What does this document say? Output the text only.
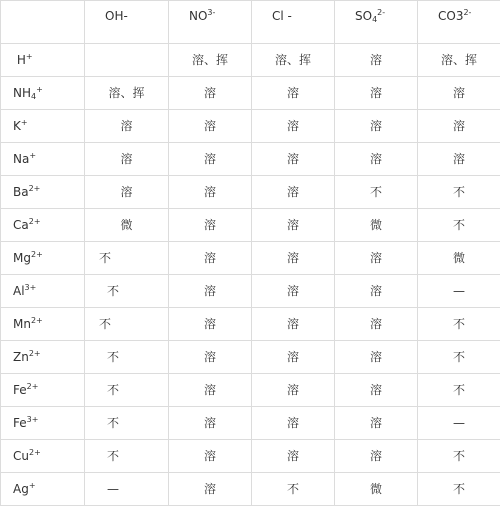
	OH-	$NO^{3-}$	Cl -	$SO_4^{2-}$	$CO3^{2-}$
H+		溶、挥	溶、挥	溶	溶、挥
$NH_4^+$	溶、挥	溶	溶	溶	溶
K+	溶	溶	溶	溶	溶
Na+	溶	溶	溶	溶	溶
$Ba^{2+}$	溶	溶	溶	不	不
$Ca^{2+}$	微	溶	溶	微	不
$Mg^{2+}$	不	溶	溶	溶	微
$Al^{3+}$	不	溶	溶	溶	—
$Mn^{2+}$	不	溶	溶	溶	不
$Zn^{2+}$	不	溶	溶	溶	不
$Fe^{2+}$	不	溶	溶	溶	不
$Fe^{3+}$	不	溶	溶	溶	—
$Cu^{2+}$	不	溶	溶	溶	不
Ag+	—	溶	不	微	不
